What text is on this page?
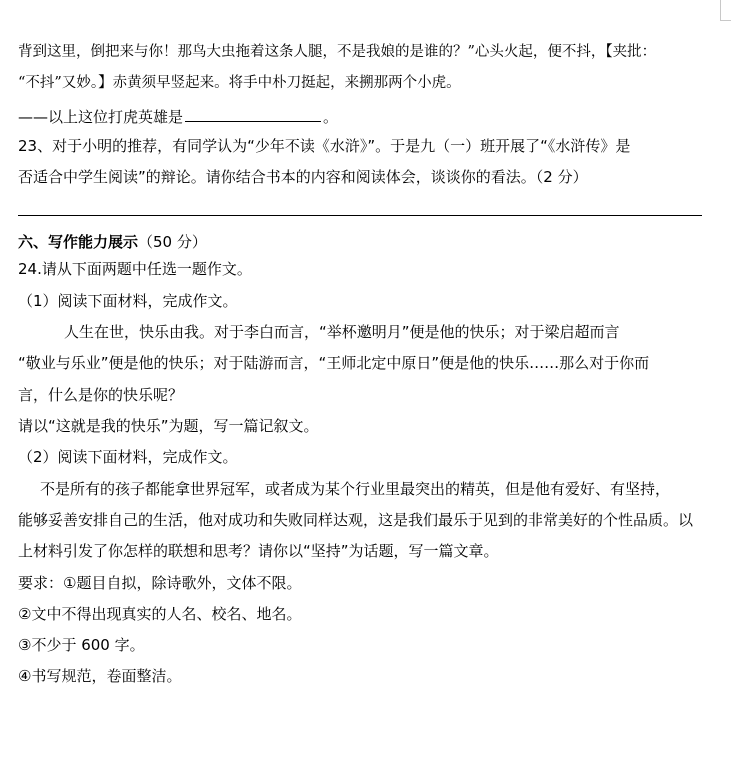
背到这里，倒把来与你！那鸟大虫拖着这条人腿，不是我娘的是谁的？”心头火起，便不抖，【夹批：
“不抖”又妙。】赤黄须早竖起来。将手中朴刀挺起，来搠那两个小虎。
——以上这位打虎英雄是	。
23、对于小明的推荐，有同学认为“少年不读《水浒》”。于是九（一）班开展了“《水浒传》是
否适合中学生阅读”的辩论。请你结合书本的内容和阅读体会，谈谈你的看法。（2 分）
六、写作能力展示（50 分）
24.请从下面两题中任选一题作文。
（1）阅读下面材料，完成作文。
人生在世，快乐由我。对于李白而言，“举杯邀明月”便是他的快乐；对于梁启超而言
“敬业与乐业”便是他的快乐；对于陆游而言，“王师北定中原日”便是他的快乐……那么对于你而
言，什么是你的快乐呢？
请以“这就是我的快乐”为题，写一篇记叙文。
（2）阅读下面材料，完成作文。
不是所有的孩子都能拿世界冠军，或者成为某个行业里最突出的精英，但是他有爱好、有坚持，
能够妥善安排自己的生活，他对成功和失败同样达观，这是我们最乐于见到的非常美好的个性品质。以
上材料引发了你怎样的联想和思考？请你以“坚持”为话题，写一篇文章。
要求：①题目自拟，除诗歌外，文体不限。
②文中不得出现真实的人名、校名、地名。
③不少于 600 字。
④书写规范，卷面整洁。
